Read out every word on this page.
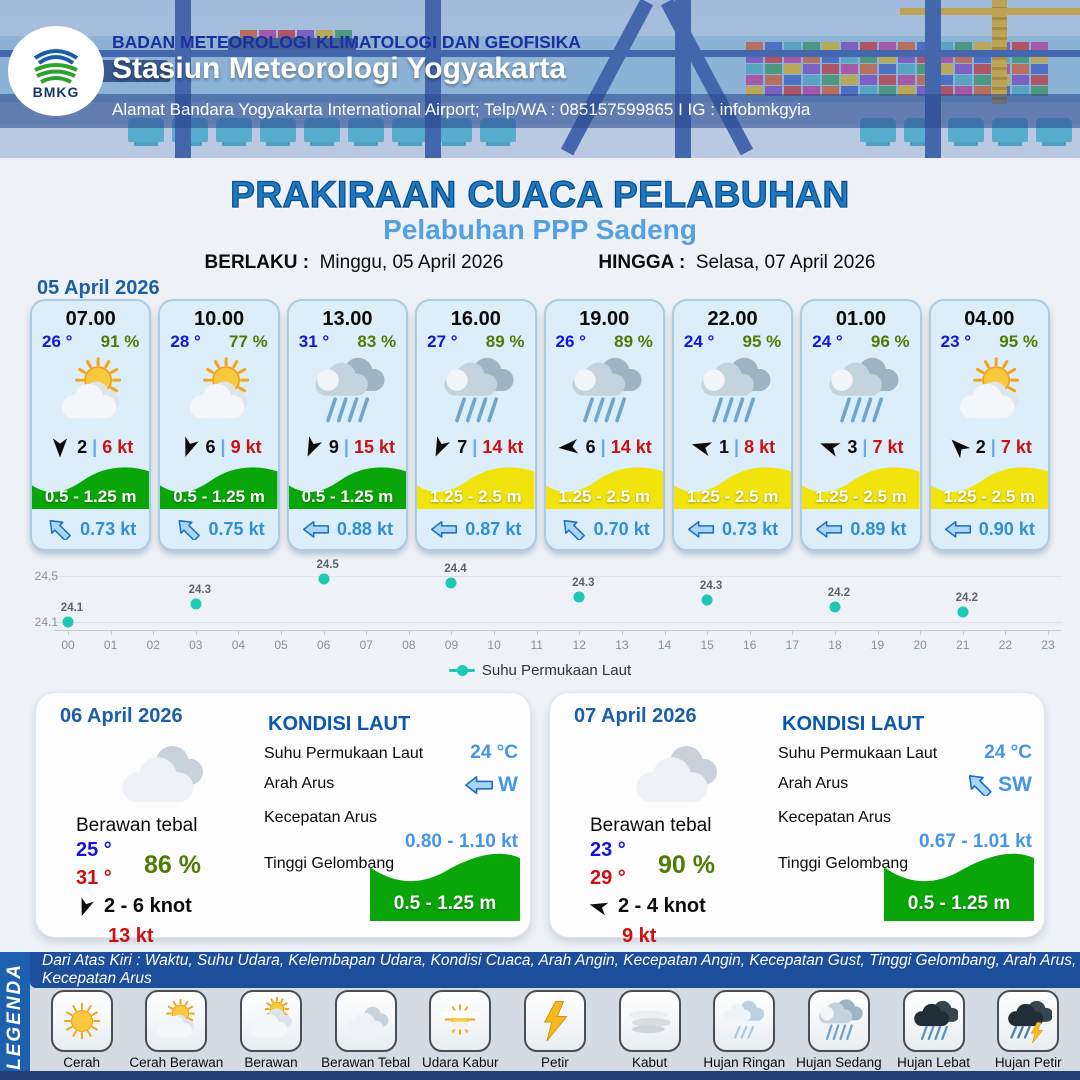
BMKG
BADAN METEOROLOGI KLIMATOLOGI DAN GEOFISIKA
Stasiun Meteorologi Yogyakarta
Alamat Bandara Yogyakarta International Airport; Telp/WA : 085157599865 I IG : infobmkgyia
PRAKIRAAN CUACA PELABUHAN
Pelabuhan PPP Sadeng
BERLAKU : Minggu, 05 April 2026	HINGGA : Selasa, 07 April 2026
05 April 2026
07.00
26 ° 91 %
2 | 6 kt
0.5 - 1.25 m
0.73 kt
10.00
28 ° 77 %
6 | 9 kt
0.5 - 1.25 m
0.75 kt
13.00
31 ° 83 %
9 | 15 kt
0.5 - 1.25 m
0.88 kt
16.00
27 ° 89 %
7 | 14 kt
1.25 - 2.5 m
0.87 kt
19.00
26 ° 89 %
6 | 14 kt
1.25 - 2.5 m
0.70 kt
22.00
24 ° 95 %
1 | 8 kt
1.25 - 2.5 m
0.73 kt
01.00
24 ° 96 %
3 | 7 kt
1.25 - 2.5 m
0.89 kt
04.00
23 ° 95 %
2 | 7 kt
1.25 - 2.5 m
0.90 kt
24.5
24.1
00 01 02 03 04 05 06 07 08 09 10 11 12 13 14 15 16 17 18 19 20 21 22 23
24.1
24.3
24.5	24.4
24.3	24.3
24.2	24.2
Suhu Permukaan Laut
06 April 2026
Berawan tebal
25 °
31 ° 86 %
2 - 6 knot
13 kt
KONDISI LAUT
Suhu Permukaan Laut 24 °C
Arah Arus	W
Kecepatan Arus
0.80 - 1.10 kt
Tinggi Gelombang
0.5 - 1.25 m
07 April 2026
Berawan tebal
23 °
29 ° 90 %
2 - 4 knot
9 kt
KONDISI LAUT
Suhu Permukaan Laut 24 °C
Arah Arus	SW
Kecepatan Arus
0.67 - 1.01 kt
Tinggi Gelombang
0.5 - 1.25 m
LEGENDA
Dari Atas Kiri : Waktu, Suhu Udara, Kelembapan Udara, Kondisi Cuaca, Arah Angin, Kecepatan Angin, Kecepatan Gust, Tinggi Gelombang, Arah Arus, Kecepatan Arus
Cerah Cerah Berawan Berawan Berawan Tebal Udara Kabur	Petir	Kabut	Hujan Ringan Hujan Sedang Hujan Lebat Hujan Petir
